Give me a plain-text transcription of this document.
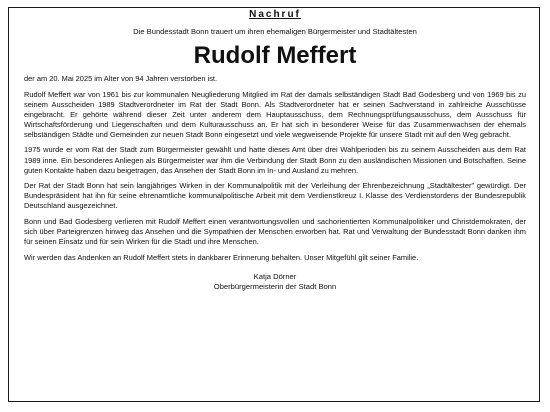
Nachruf
Die Bundesstadt Bonn trauert um ihren ehemaligen Bürgermeister und Stadtältesten
Rudolf Meffert

der am 20. Mai 2025 im Alter von 94 Jahren verstorben ist.

Rudolf Meffert war von 1961 bis zur kommunalen Neugliederung Mitglied im Rat der damals selbständigen Stadt Bad Godesberg und von 1969 bis zu seinem Ausscheiden 1989 Stadtverordneter im Rat der Stadt Bonn. Als Stadtverordneter hat er seinen Sachverstand in zahlreiche Ausschüsse eingebracht. Er gehörte während dieser Zeit unter anderem dem Hauptausschuss, dem Rechnungsprüfungsausschuss, dem Ausschuss für Wirtschaftsförderung und Liegenschaften und dem Kulturausschuss an. Er hat sich in besonderer Weise für das Zusammenwachsen der ehemals selbständigen Städte und Gemeinden zur neuen Stadt Bonn eingesetzt und viele wegweisende Projekte für unsere Stadt mit auf den Weg gebracht.

1975 wurde er vom Rat der Stadt zum Bürgermeister gewählt und hatte dieses Amt über drei Wahlperioden bis zu seinem Ausscheiden aus dem Rat 1989 inne. Ein besonderes Anliegen als Bürgermeister war ihm die Verbindung der Stadt Bonn zu den ausländischen Missionen und Botschaften. Seine guten Kontakte haben dazu beigetragen, das Ansehen der Stadt Bonn im In- und Ausland zu mehren.

Der Rat der Stadt Bonn hat sein langjähriges Wirken in der Kommunalpolitik mit der Verleihung der Ehrenbezeichnung „Stadtältester" gewürdigt. Der Bundespräsident hat ihn für seine ehrenamtliche kommunalpolitische Arbeit mit dem Verdienstkreuz I. Klasse des Verdienstordens der Bundesrepublik Deutschland ausgezeichnet.

Bonn und Bad Godesberg verlieren mit Rudolf Meffert einen verantwortungsvollen und sachorientierten Kommunalpolitiker und Christdemokraten, der sich über Parteigrenzen hinweg das Ansehen und die Sympathien der Menschen erworben hat. Rat und Verwaltung der Bundesstadt Bonn danken ihm für seinen Einsatz und für sein Wirken für die Stadt und ihre Menschen.

Wir werden das Andenken an Rudolf Meffert stets in dankbarer Erinnerung behalten. Unser Mitgefühl gilt seiner Familie.

Katja Dörner
Oberbürgermeisterin der Stadt Bonn
